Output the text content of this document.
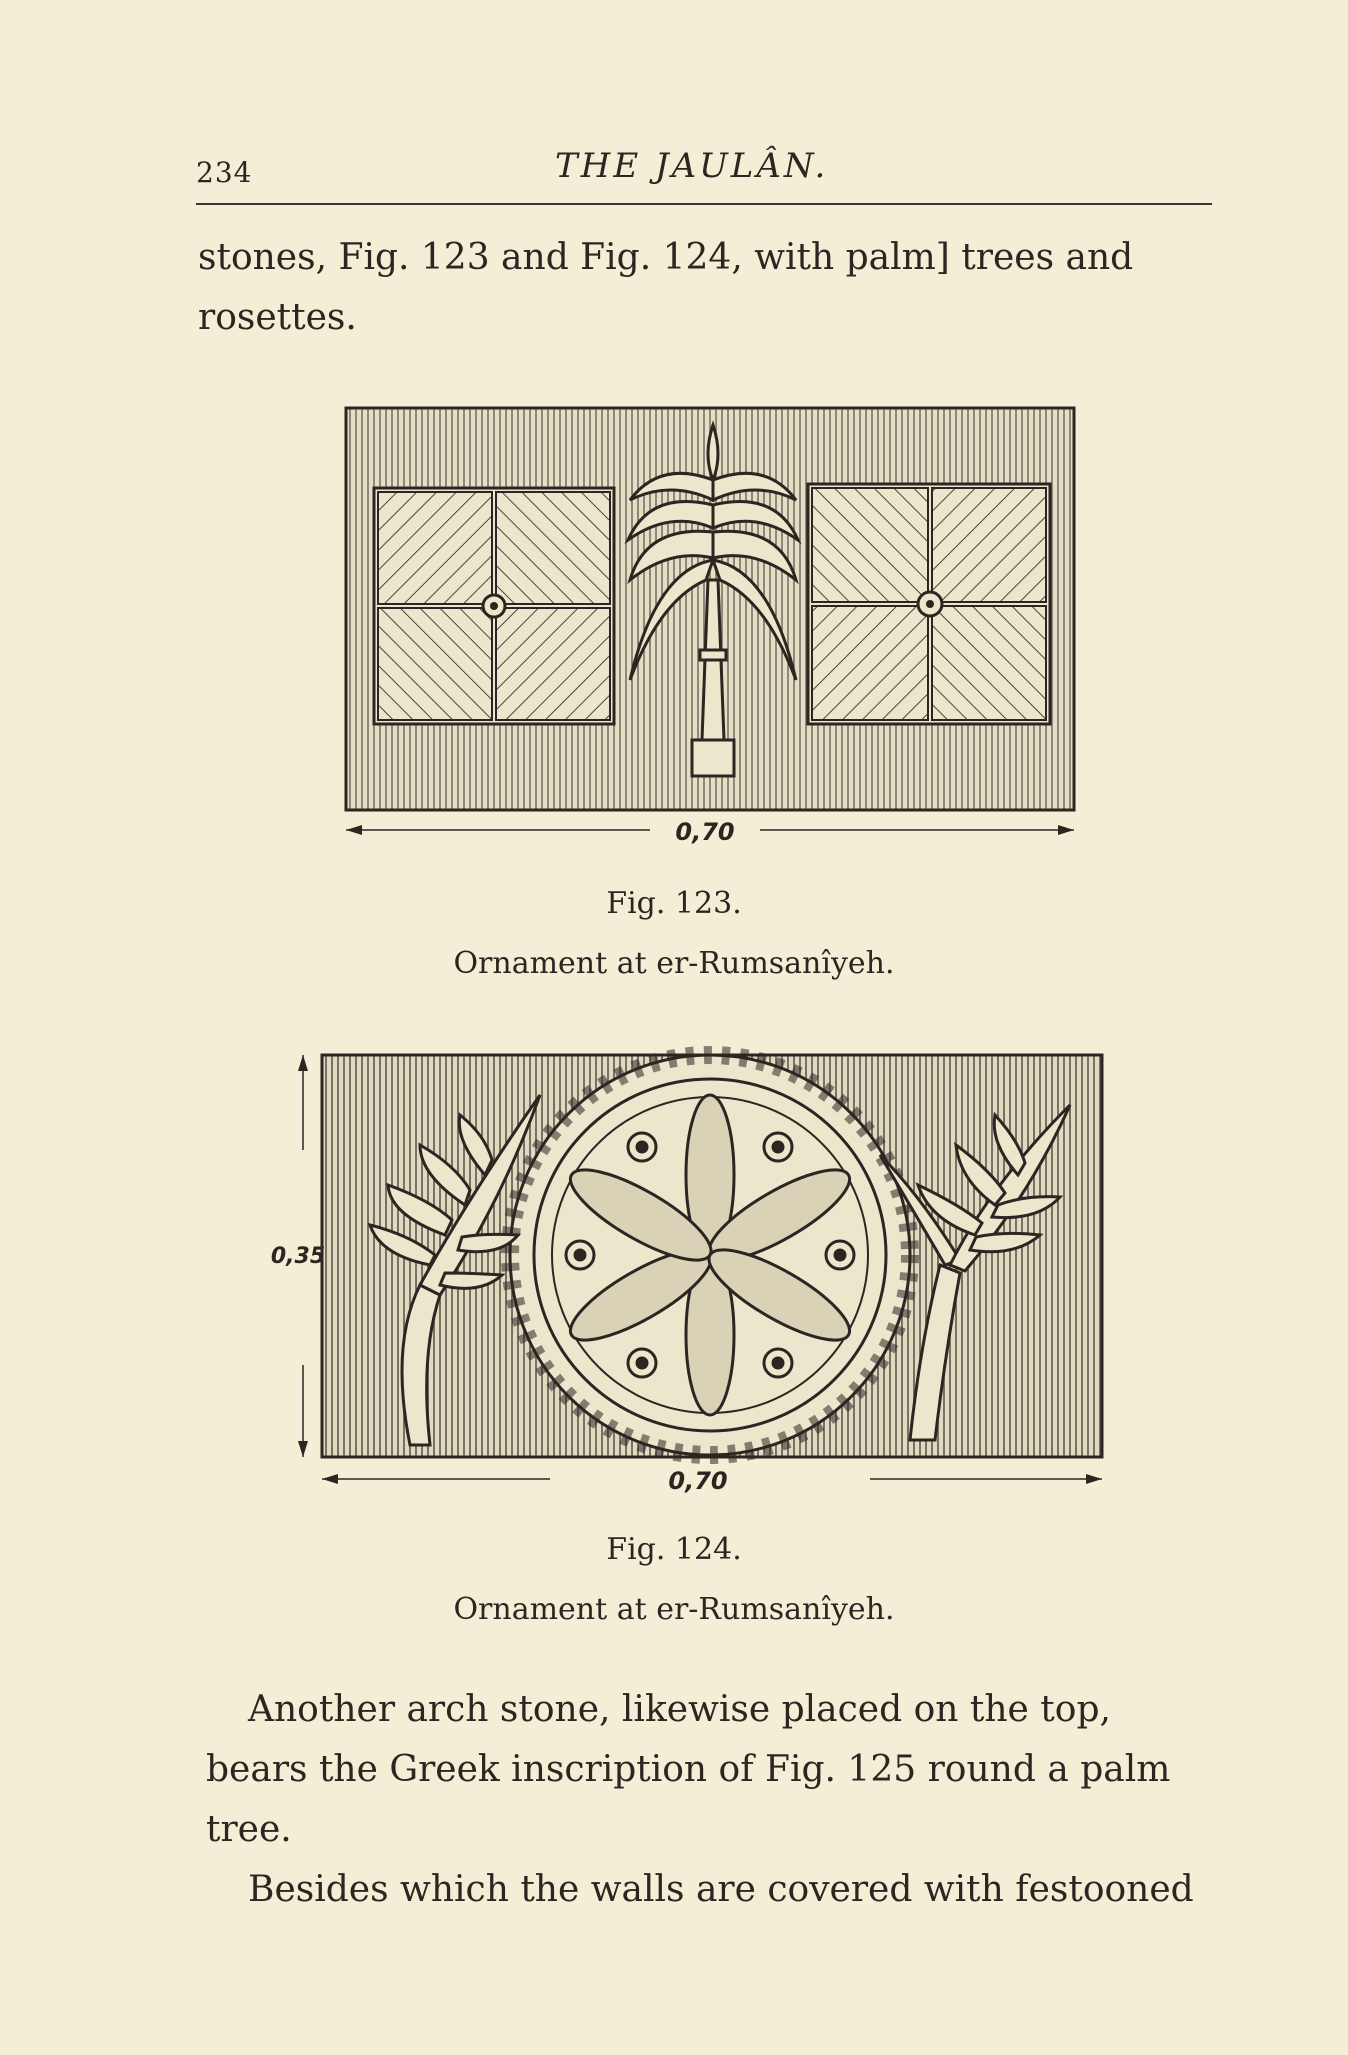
234	THE JAULÂN.
stones, Fig. 123 and Fig. 124, with palm] trees and
rosettes.
0,70
Fig. 123.
Ornament at er-Rumsanîyeh.
0,35
0,70
Fig. 124.
Ornament at er-Rumsanîyeh.
Another arch stone, likewise placed on the top,
bears the Greek inscription of Fig. 125 round a palm
tree.
Besides which the walls are covered with festooned
